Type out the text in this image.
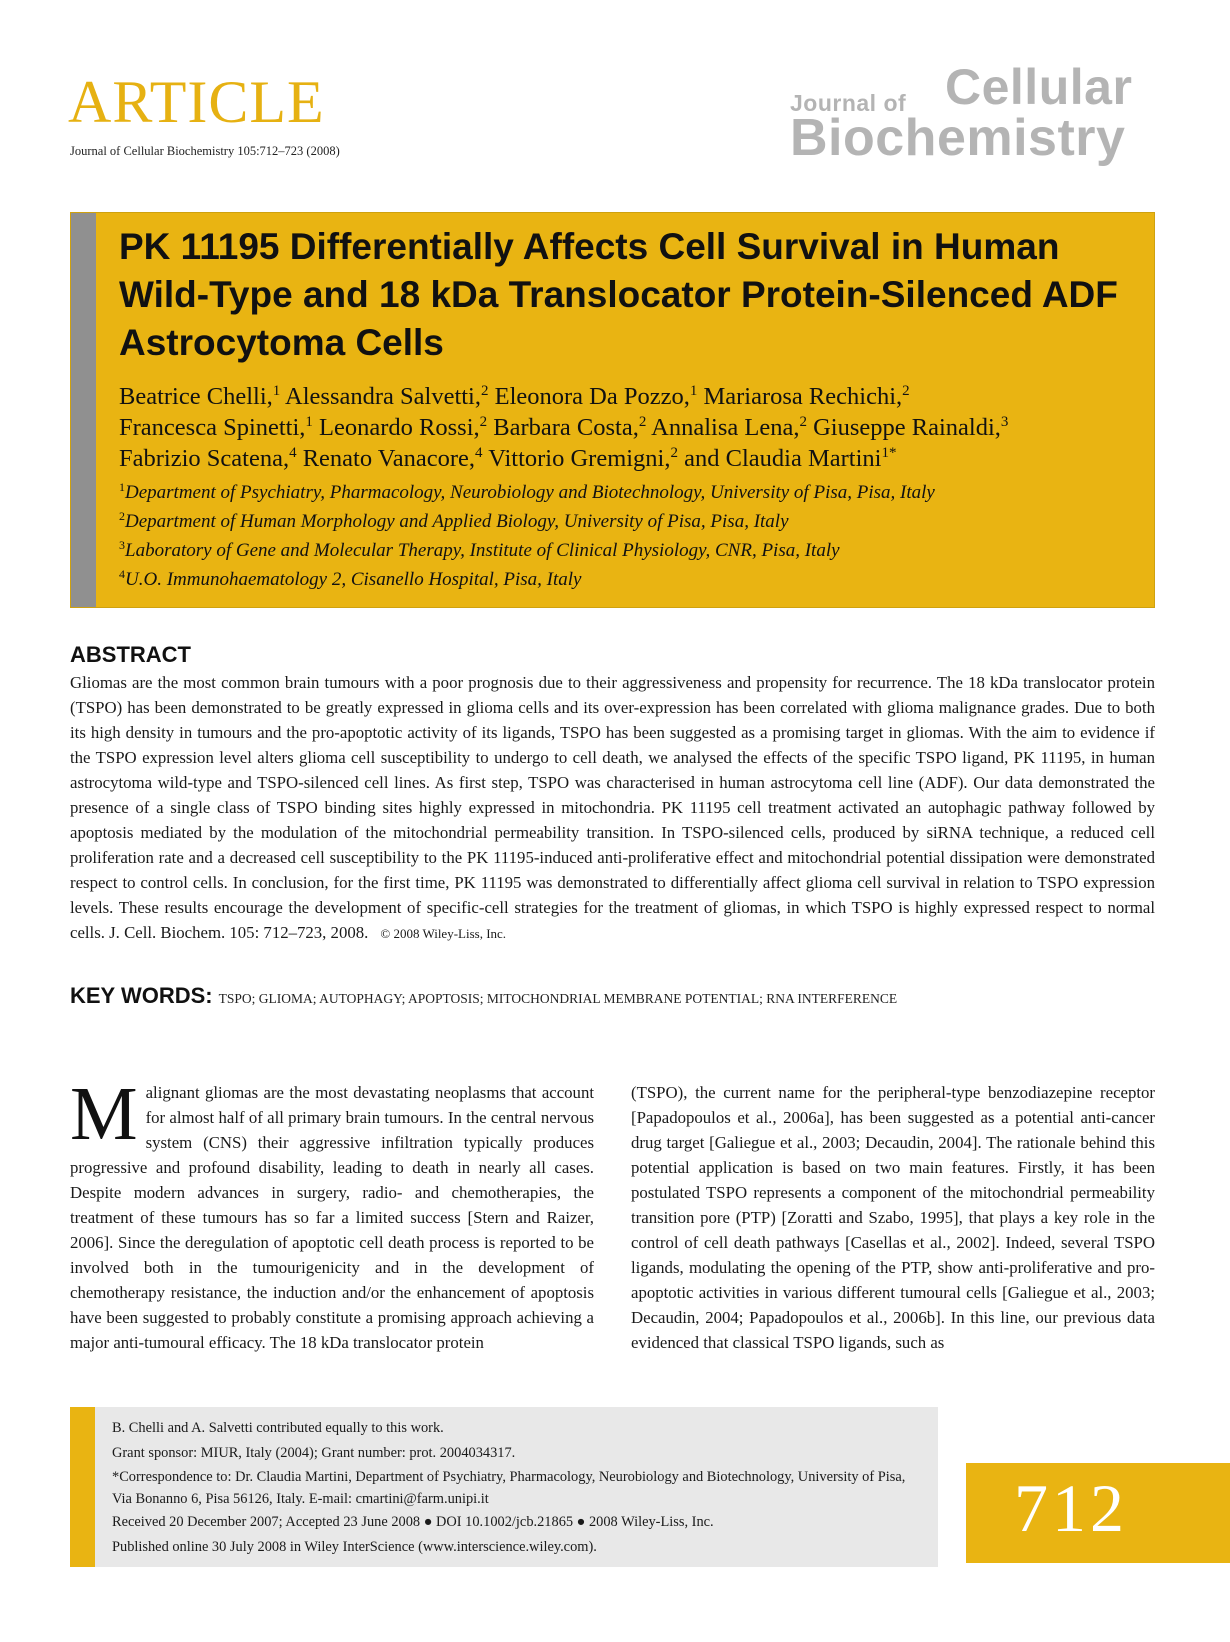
ARTICLE
Journal of Cellular Biochemistry 105:712–723 (2008)
Journal of Cellular
Biochemistry
PK 11195 Differentially Affects Cell Survival in Human Wild-Type and 18 kDa Translocator Protein-Silenced ADF Astrocytoma Cells
Beatrice Chelli,$^1$ Alessandra Salvetti,$^2$ Eleonora Da Pozzo,$^1$ Mariarosa Rechichi,$^2$
Francesca Spinetti,$^1$ Leonardo Rossi,$^2$ Barbara Costa,$^2$ Annalisa Lena,$^2$ Giuseppe Rainaldi,$^3$
Fabrizio Scatena,$^4$ Renato Vanacore,$^4$ Vittorio Gremigni,$^2$ and Claudia Martini$^{1*}$
$^1$Department of Psychiatry, Pharmacology, Neurobiology and Biotechnology, University of Pisa, Pisa, Italy
$^2$Department of Human Morphology and Applied Biology, University of Pisa, Pisa, Italy
$^3$Laboratory of Gene and Molecular Therapy, Institute of Clinical Physiology, CNR, Pisa, Italy
$^4$U.O. Immunohaematology 2, Cisanello Hospital, Pisa, Italy
ABSTRACT
Gliomas are the most common brain tumours with a poor prognosis due to their aggressiveness and propensity for recurrence. The 18 kDa translocator protein (TSPO) has been demonstrated to be greatly expressed in glioma cells and its over-expression has been correlated with glioma malignance grades. Due to both its high density in tumours and the pro-apoptotic activity of its ligands, TSPO has been suggested as a promising target in gliomas. With the aim to evidence if the TSPO expression level alters glioma cell susceptibility to undergo to cell death, we analysed the effects of the specific TSPO ligand, PK 11195, in human astrocytoma wild-type and TSPO-silenced cell lines. As first step, TSPO was characterised in human astrocytoma cell line (ADF). Our data demonstrated the presence of a single class of TSPO binding sites highly expressed in mitochondria. PK 11195 cell treatment activated an autophagic pathway followed by apoptosis mediated by the modulation of the mitochondrial permeability transition. In TSPO-silenced cells, produced by siRNA technique, a reduced cell proliferation rate and a decreased cell susceptibility to the PK 11195-induced anti-proliferative effect and mitochondrial potential dissipation were demonstrated respect to control cells. In conclusion, for the first time, PK 11195 was demonstrated to differentially affect glioma cell survival in relation to TSPO expression levels. These results encourage the development of specific-cell strategies for the treatment of gliomas, in which TSPO is highly expressed respect to normal cells. J. Cell. Biochem. 105: 712–723, 2008. © 2008 Wiley-Liss, Inc.
KEY WORDS: TSPO; GLIOMA; AUTOPHAGY; APOPTOSIS; MITOCHONDRIAL MEMBRANE POTENTIAL; RNA INTERFERENCE
Malignant gliomas are the most devastating neoplasms that account for almost half of all primary brain tumours. In the central nervous system (CNS) their aggressive infiltration typically produces progressive and profound disability, leading to death in nearly all cases. Despite modern advances in surgery, radio- and chemotherapies, the treatment of these tumours has so far a limited success [Stern and Raizer, 2006]. Since the deregulation of apoptotic cell death process is reported to be involved both in the tumourigenicity and in the development of chemotherapy resistance, the induction and/or the enhancement of apoptosis have been suggested to probably constitute a promising approach achieving a major anti-tumoural efficacy. The 18 kDa translocator protein
(TSPO), the current name for the peripheral-type benzodiazepine receptor [Papadopoulos et al., 2006a], has been suggested as a potential anti-cancer drug target [Galiegue et al., 2003; Decaudin, 2004]. The rationale behind this potential application is based on two main features. Firstly, it has been postulated TSPO represents a component of the mitochondrial permeability transition pore (PTP) [Zoratti and Szabo, 1995], that plays a key role in the control of cell death pathways [Casellas et al., 2002]. Indeed, several TSPO ligands, modulating the opening of the PTP, show anti-proliferative and pro-apoptotic activities in various different tumoural cells [Galiegue et al., 2003; Decaudin, 2004; Papadopoulos et al., 2006b]. In this line, our previous data evidenced that classical TSPO ligands, such as
B. Chelli and A. Salvetti contributed equally to this work.
Grant sponsor: MIUR, Italy (2004); Grant number: prot. 2004034317.
*Correspondence to: Dr. Claudia Martini, Department of Psychiatry, Pharmacology, Neurobiology and Biotechnology, University of Pisa, Via Bonanno 6, Pisa 56126, Italy. E-mail: cmartini@farm.unipi.it
Received 20 December 2007; Accepted 23 June 2008 ● DOI 10.1002/jcb.21865 ● 2008 Wiley-Liss, Inc.
Published online 30 July 2008 in Wiley InterScience (www.interscience.wiley.com).
712
